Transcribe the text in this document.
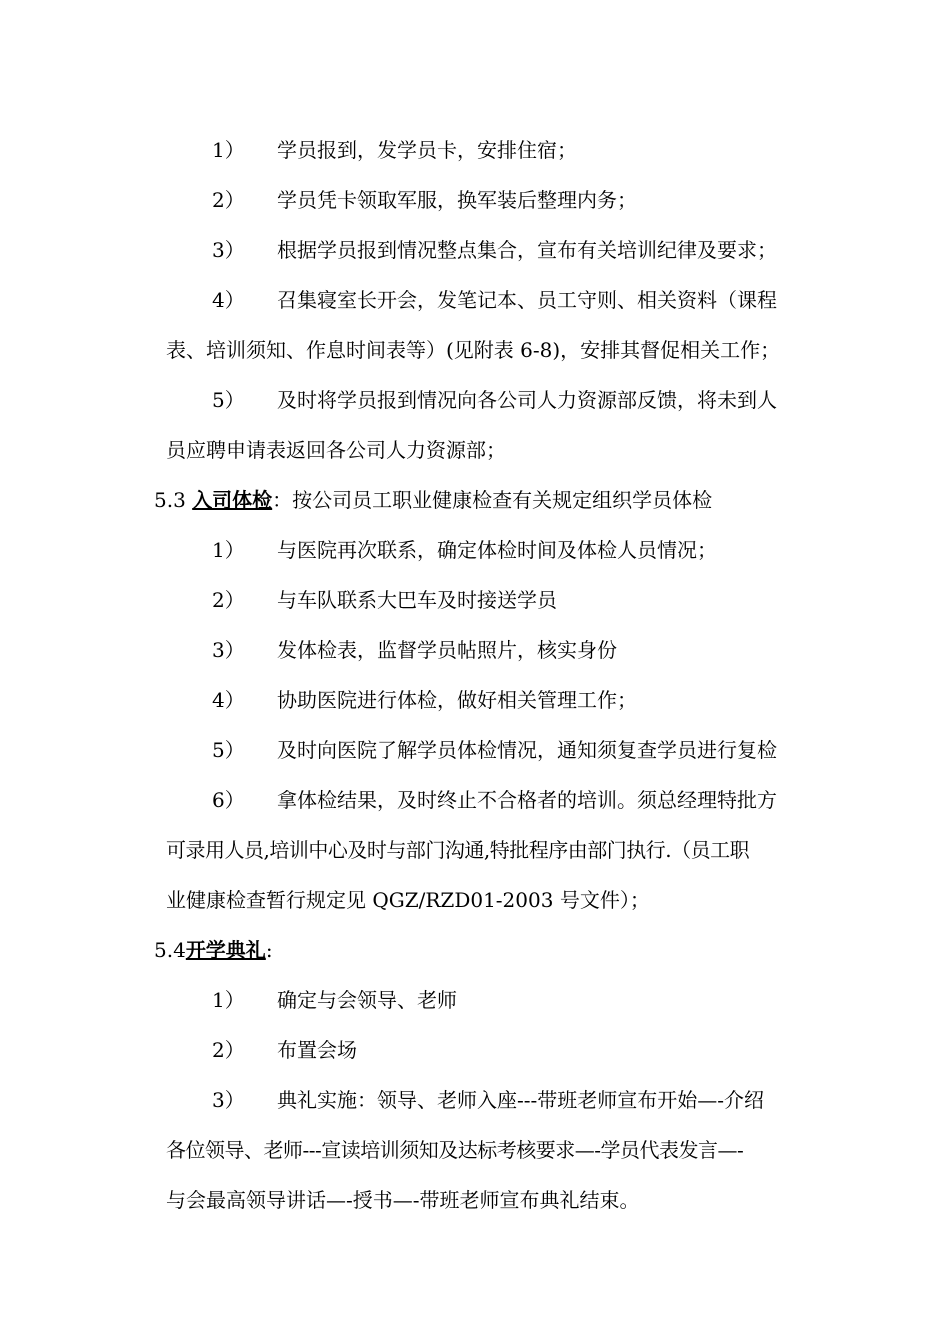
1） 学员报到，发学员卡，安排住宿；
2） 学员凭卡领取军服，换军装后整理内务；
3） 根据学员报到情况整点集合，宣布有关培训纪律及要求；
4） 召集寝室长开会，发笔记本、员工守则、相关资料（课程
表、培训须知、作息时间表等）(见附表 6-8)，安排其督促相关工作；
5） 及时将学员报到情况向各公司人力资源部反馈，将未到人
员应聘申请表返回各公司人力资源部；
5.3 入司体检：按公司员工职业健康检查有关规定组织学员体检
1） 与医院再次联系，确定体检时间及体检人员情况；
2） 与车队联系大巴车及时接送学员
3） 发体检表，监督学员帖照片，核实身份
4） 协助医院进行体检，做好相关管理工作；
5） 及时向医院了解学员体检情况，通知须复查学员进行复检
6） 拿体检结果，及时终止不合格者的培训。须总经理特批方
可录用人员,培训中心及时与部门沟通,特批程序由部门执行.（员工职
业健康检查暂行规定见 QGZ/RZD01-2003 号文件）；
5.4开学典礼:
1） 确定与会领导、老师
2） 布置会场
3） 典礼实施：领导、老师入座---带班老师宣布开始—-介绍
各位领导、老师---宣读培训须知及达标考核要求—-学员代表发言—-
与会最高领导讲话—-授书—-带班老师宣布典礼结束。
